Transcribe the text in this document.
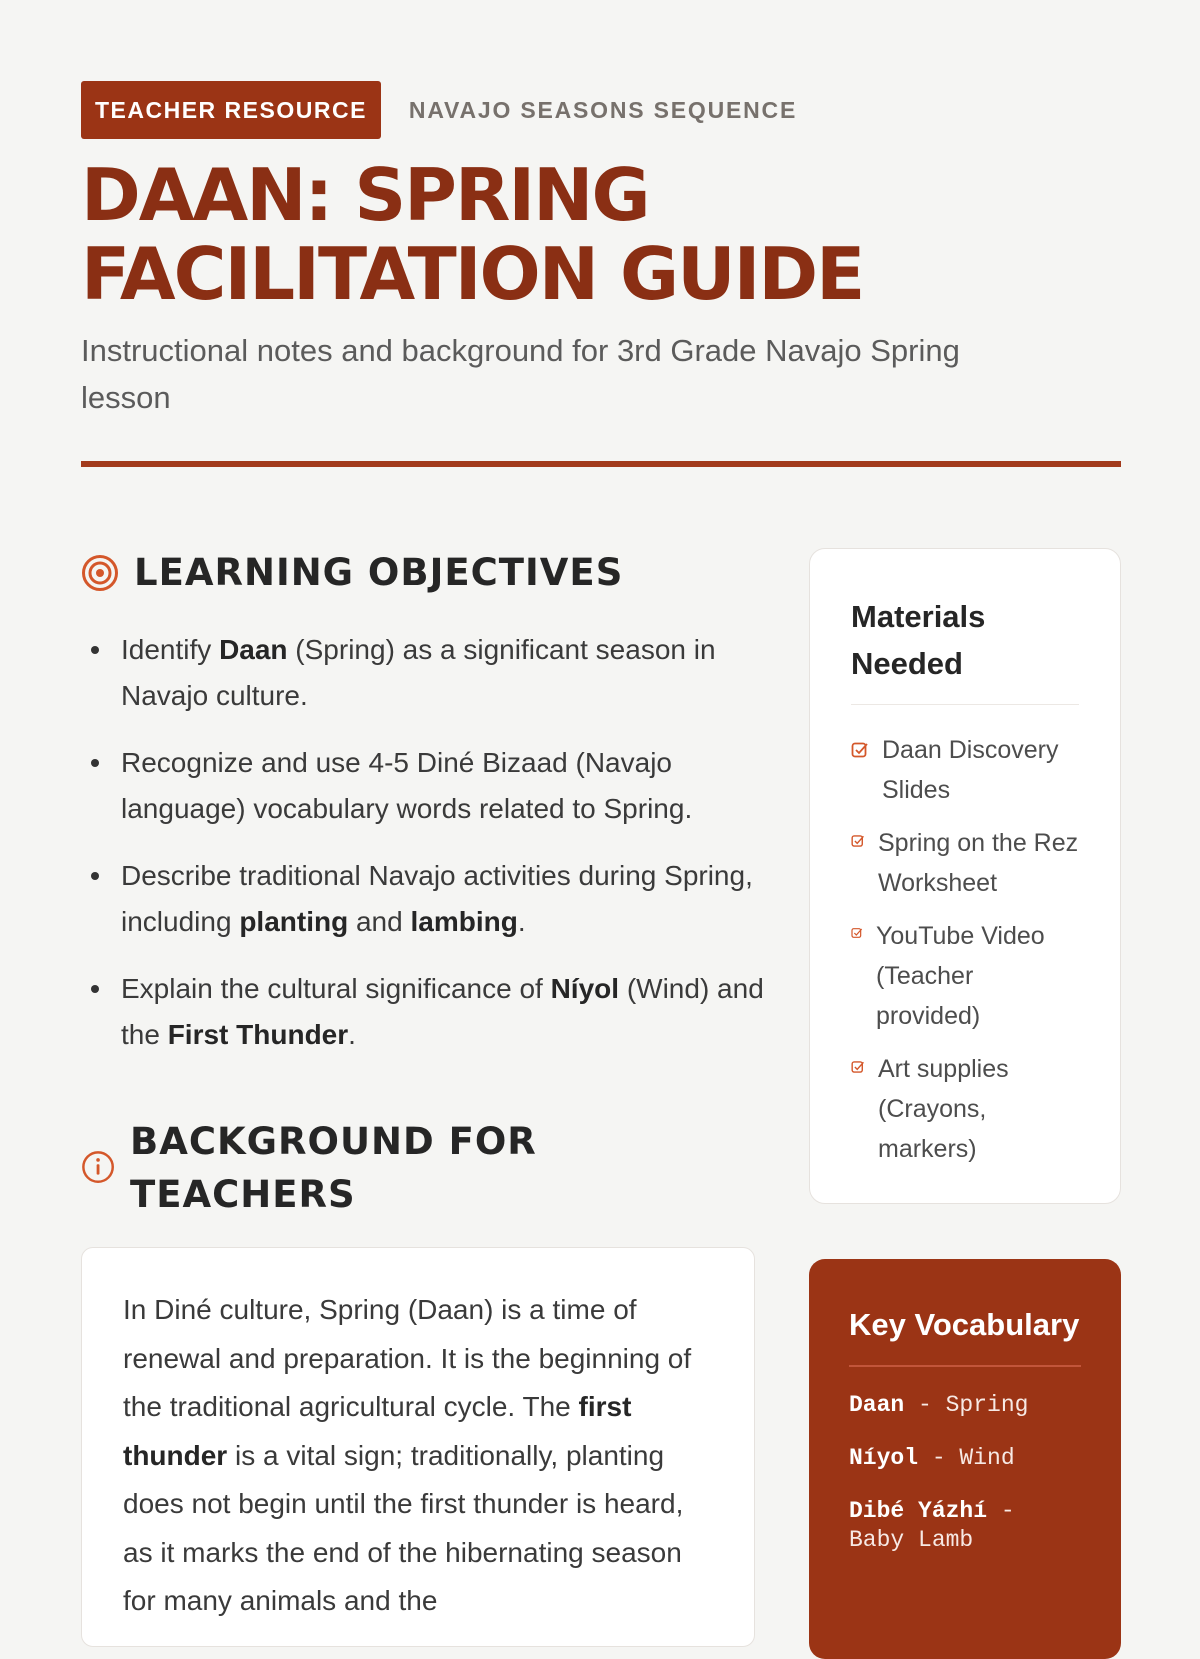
TEACHER RESOURCE	NAVAJO SEASONS SEQUENCE
DAAN: SPRING
FACILITATION GUIDE

Instructional notes and background for 3rd Grade Navajo Spring lesson

LEARNING OBJECTIVES
Identify Daan (Spring) as a significant season in Navajo culture.
Recognize and use 4-5 Diné Bizaad (Navajo language) vocabulary words related to Spring.
Describe traditional Navajo activities during Spring, including planting and lambing.
Explain the cultural significance of Níyol (Wind) and the First Thunder.
BACKGROUND FOR
TEACHERS

In Diné culture, Spring (Daan) is a time of renewal and preparation. It is the beginning of the traditional agricultural cycle. The first thunder is a vital sign; traditionally, planting does not begin until the first thunder is heard, as it marks the end of the hibernating season for many animals and the

Materials Needed
Daan Discovery Slides
Spring on the Rez Worksheet
YouTube Video (Teacher provided)
Art supplies (Crayons, markers)
Key Vocabulary
Daan - Spring
Níyol - Wind
Dibé Yázhí - Baby Lamb
